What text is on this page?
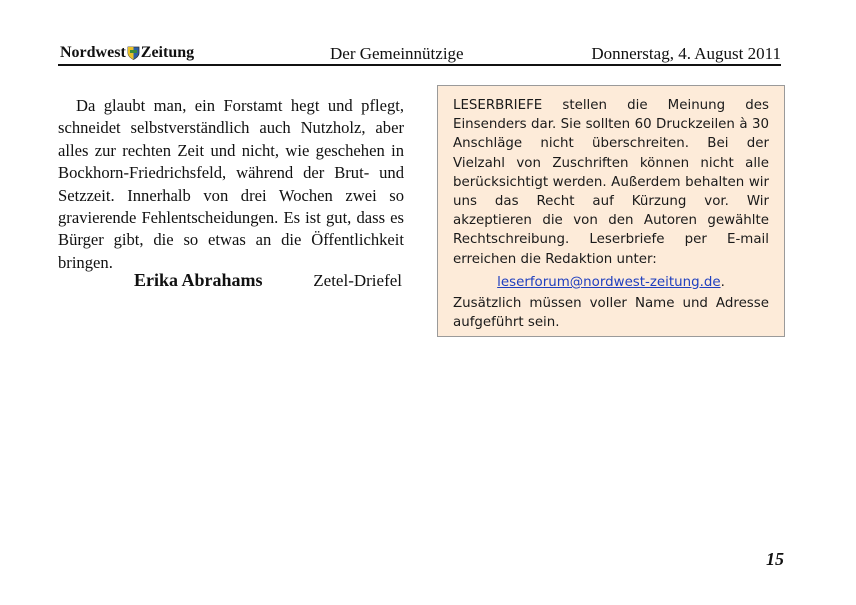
Nordwest Zeitung	Der Gemeinnützige	Donnerstag, 4. August 2011

Da glaubt man, ein Forstamt hegt und pflegt, schneidet selbstverständlich auch Nutzholz, aber alles zur rechten Zeit und nicht, wie geschehen in Bockhorn-Friedrichsfeld, während der Brut- und Setzzeit. Innerhalb von drei Wochen zwei so gravierende Fehlentscheidungen. Es ist gut, dass es Bürger gibt, die so etwas an die Öffentlichkeit bringen.

Erika Abrahams	Zetel-Driefel

LESERBRIEFE stellen die Meinung des Einsenders dar. Sie sollten 60 Druckzeilen à 30 Anschläge nicht überschreiten. Bei der Vielzahl von Zuschriften können nicht alle berücksichtigt werden. Außerdem behalten wir uns das Recht auf Kürzung vor. Wir akzeptieren die von den Autoren gewählte Rechtschreibung. Leserbriefe per E-mail erreichen die Redaktion unter:

leserforum@nordwest-zeitung.de.

Zusätzlich müssen voller Name und Adresse aufgeführt sein.

15
